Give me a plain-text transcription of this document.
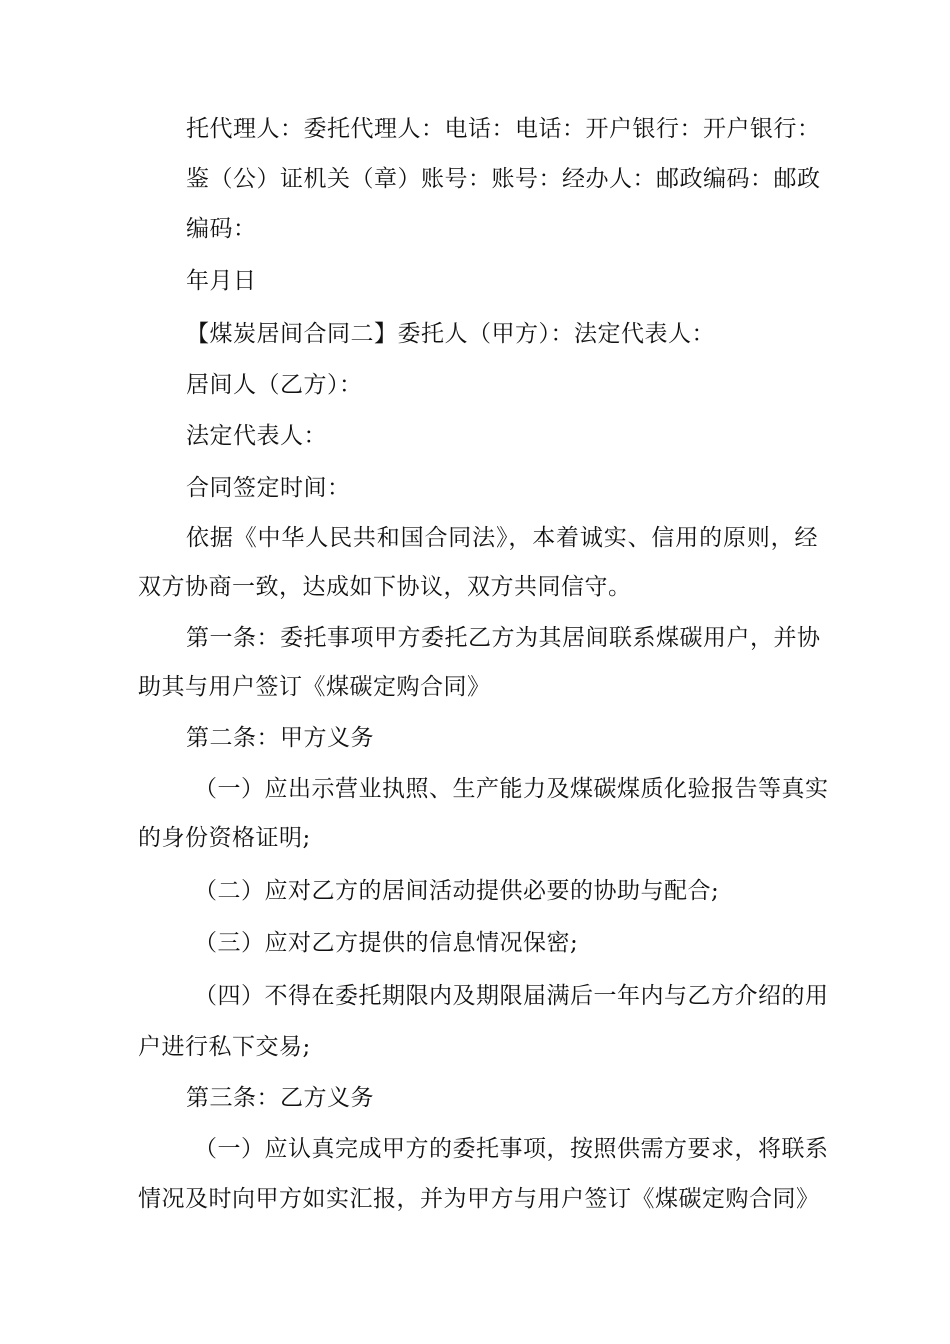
托代理人：委托代理人：电话：电话：开户银行：开户银行：
鉴（公）证机关（章）账号：账号：经办人：邮政编码：邮政
编码：
年月日
【煤炭居间合同二】委托人（甲方）：法定代表人：
居间人（乙方）：
法定代表人：
合同签定时间：
依据《中华人民共和国合同法》，本着诚实、信用的原则，经
双方协商一致，达成如下协议，双方共同信守。
第一条：委托事项甲方委托乙方为其居间联系煤碳用户，并协
助其与用户签订《煤碳定购合同》
第二条：甲方义务
（一）应出示营业执照、生产能力及煤碳煤质化验报告等真实
的身份资格证明;
（二）应对乙方的居间活动提供必要的协助与配合;
（三）应对乙方提供的信息情况保密;
（四）不得在委托期限内及期限届满后一年内与乙方介绍的用
户进行私下交易;
第三条：乙方义务
（一）应认真完成甲方的委托事项，按照供需方要求，将联系
情况及时向甲方如实汇报，并为甲方与用户签订《煤碳定购合同》
